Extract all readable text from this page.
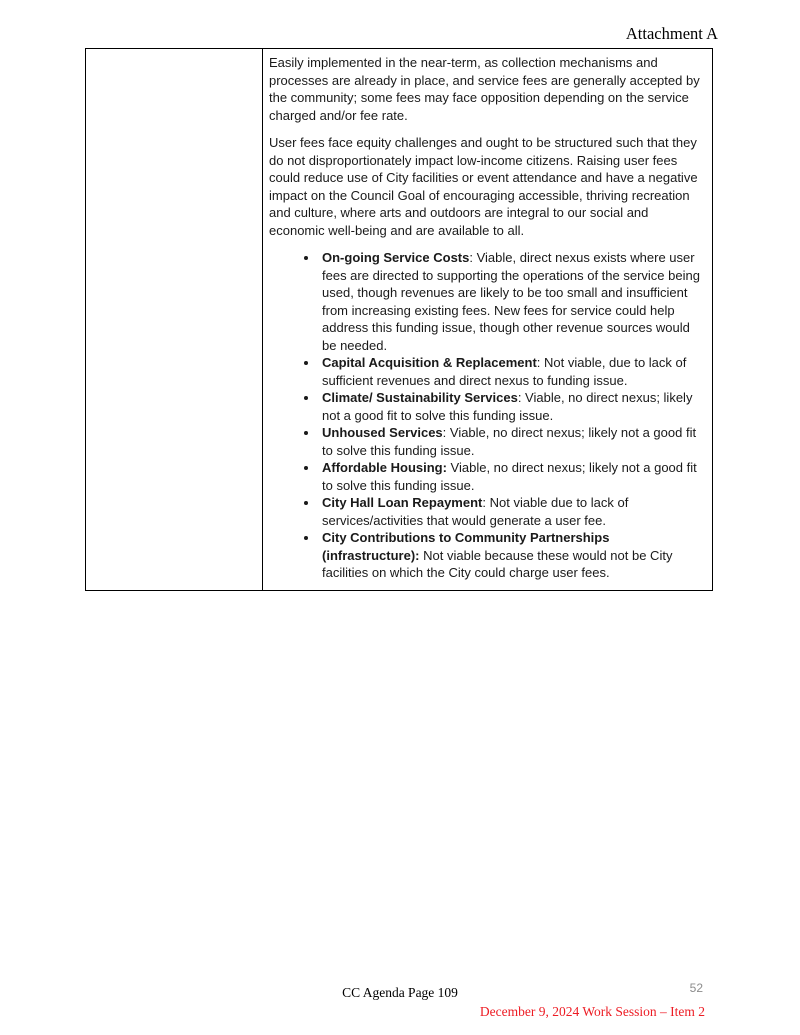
Attachment A

Easily implemented in the near-term, as collection mechanisms and processes are already in place, and service fees are generally accepted by the community; some fees may face opposition depending on the service charged and/or fee rate.

User fees face equity challenges and ought to be structured such that they do not disproportionately impact low-income citizens. Raising user fees could reduce use of City facilities or event attendance and have a negative impact on the Council Goal of encouraging accessible, thriving recreation and culture, where arts and outdoors are integral to our social and economic well-being and are available to all.

• On-going Service Costs: Viable, direct nexus exists where user fees are directed to supporting the operations of the service being used, though revenues are likely to be too small and insufficient from increasing existing fees. New fees for service could help address this funding issue, though other revenue sources would be needed.
• Capital Acquisition & Replacement: Not viable, due to lack of sufficient revenues and direct nexus to funding issue.
• Climate/ Sustainability Services: Viable, no direct nexus; likely not a good fit to solve this funding issue.
• Unhoused Services: Viable, no direct nexus; likely not a good fit to solve this funding issue.
• Affordable Housing: Viable, no direct nexus; likely not a good fit to solve this funding issue.
• City Hall Loan Repayment: Not viable due to lack of services/activities that would generate a user fee.
• City Contributions to Community Partnerships (infrastructure): Not viable because these would not be City facilities on which the City could charge user fees.
CC Agenda Page 109	52
December 9, 2024 Work Session – Item 2
